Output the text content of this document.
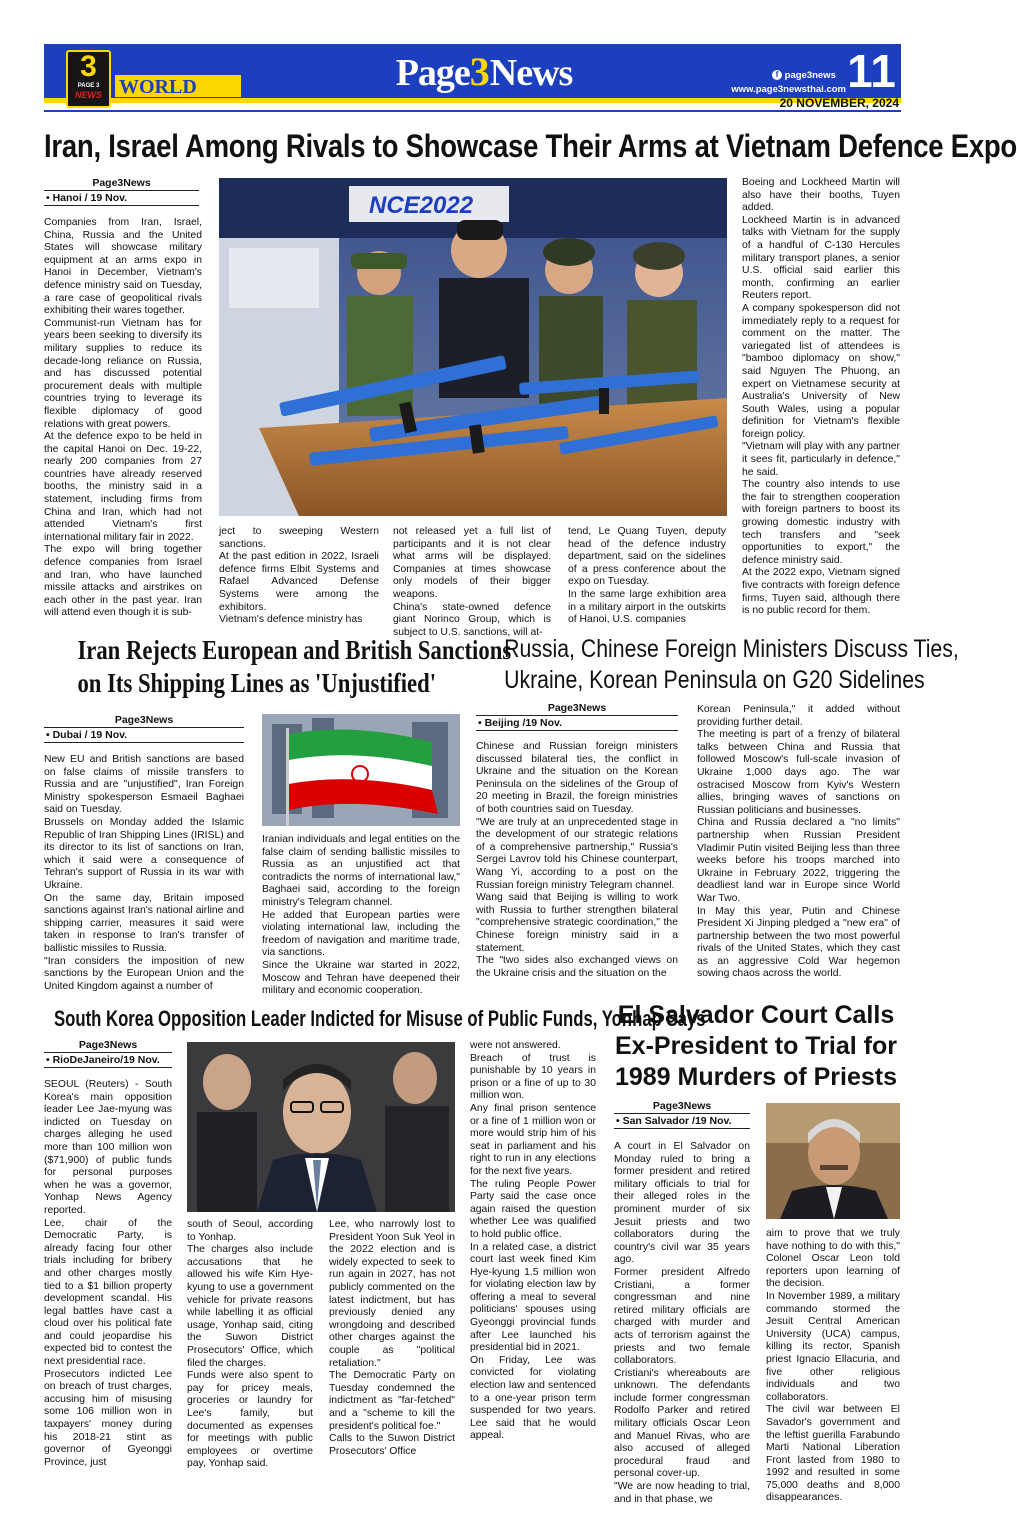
3
PAGE 3
NEWS WORLD	Page3News	f page3news
www.page3newsthai.com 11
20 NOVEMBER, 2024
Iran, Israel Among Rivals to Showcase Their Arms at Vietnam Defence Expo
Page3News
• Hanoi / 19 Nov.
Companies from Iran, Israel, China, Russia and the United States will showcase military equipment at an arms expo in Hanoi in December, Vietnam's defence ministry said on Tuesday, a rare case of geopolitical rivals exhibiting their wares together.
Communist-run Vietnam has for years been seeking to diversify its military supplies to reduce its decade-long reliance on Russia, and has discussed potential procurement deals with multiple countries trying to leverage its flexible diplomacy of good relations with great powers.
At the defence expo to be held in the capital Hanoi on Dec. 19-22, nearly 200 companies from 27 countries have already reserved booths, the ministry said in a statement, including firms from China and Iran, which had not attended Vietnam's first international military fair in 2022.
The expo will bring together defence companies from Israel and Iran, who have launched missile attacks and airstrikes on each other in the past year. Iran will attend even though it is sub-
NCE2022
ject to sweeping Western sanctions.
At the past edition in 2022, Israeli defence firms Elbit Systems and Rafael Advanced Defense Systems were among the exhibitors.
Vietnam's defence ministry has
not released yet a full list of participants and it is not clear what arms will be displayed. Companies at times showcase only models of their bigger weapons.
China's state-owned defence giant Norinco Group, which is subject to U.S. sanctions, will at-
tend, Le Quang Tuyen, deputy head of the defence industry department, said on the sidelines of a press conference about the expo on Tuesday.
In the same large exhibition area in a military airport in the outskirts of Hanoi, U.S. companies
Boeing and Lockheed Martin will also have their booths, Tuyen added.
Lockheed Martin is in advanced talks with Vietnam for the supply of a handful of C-130 Hercules military transport planes, a senior U.S. official said earlier this month, confirming an earlier Reuters report.
A company spokesperson did not immediately reply to a request for comment on the matter. The variegated list of attendees is "bamboo diplomacy on show," said Nguyen The Phuong, an expert on Vietnamese security at Australia's University of New South Wales, using a popular definition for Vietnam's flexible foreign policy.
"Vietnam will play with any partner it sees fit, particularly in defence," he said.
The country also intends to use the fair to strengthen cooperation with foreign partners to boost its growing domestic industry with tech transfers and "seek opportunities to export," the defence ministry said.
At the 2022 expo, Vietnam signed five contracts with foreign defence firms, Tuyen said, although there is no public record for them.
Iran Rejects European and British Sanctions
on Its Shipping Lines as 'Unjustified'
Page3News
• Dubai / 19 Nov.
New EU and British sanctions are based on false claims of missile transfers to Russia and are "unjustified", Iran Foreign Ministry spokesperson Esmaeil Baghaei said on Tuesday.
Brussels on Monday added the Islamic Republic of Iran Shipping Lines (IRISL) and its director to its list of sanctions on Iran, which it said were a consequence of Tehran's support of Russia in its war with Ukraine.
On the same day, Britain imposed sanctions against Iran's national airline and shipping carrier, measures it said were taken in response to Iran's transfer of ballistic missiles to Russia.
"Iran considers the imposition of new sanctions by the European Union and the United Kingdom against a number of
Iranian individuals and legal entities on the false claim of sending ballistic missiles to Russia as an unjustified act that contradicts the norms of international law," Baghaei said, according to the foreign ministry's Telegram channel.
He added that European parties were violating international law, including the freedom of navigation and maritime trade, via sanctions.
Since the Ukraine war started in 2022, Moscow and Tehran have deepened their military and economic cooperation.
Russia, Chinese Foreign Ministers Discuss Ties,
Ukraine, Korean Peninsula on G20 Sidelines
Page3News
• Beijing /19 Nov.
Chinese and Russian foreign ministers discussed bilateral ties, the conflict in Ukraine and the situation on the Korean Peninsula on the sidelines of the Group of 20 meeting in Brazil, the foreign ministries of both countries said on Tuesday.
"We are truly at an unprecedented stage in the development of our strategic relations of a comprehensive partnership," Russia's Sergei Lavrov told his Chinese counterpart, Wang Yi, according to a post on the Russian foreign ministry Telegram channel.
Wang said that Beijing is willing to work with Russia to further strengthen bilateral "comprehensive strategic coordination," the Chinese foreign ministry said in a statement.
The "two sides also exchanged views on the Ukraine crisis and the situation on the
Korean Peninsula," it added without providing further detail.
The meeting is part of a frenzy of bilateral talks between China and Russia that followed Moscow's full-scale invasion of Ukraine 1,000 days ago. The war ostracised Moscow from Kyiv's Western allies, bringing waves of sanctions on Russian politicians and businesses.
China and Russia declared a "no limits" partnership when Russian President Vladimir Putin visited Beijing less than three weeks before his troops marched into Ukraine in February 2022, triggering the deadliest land war in Europe since World War Two.
In May this year, Putin and Chinese President Xi Jinping pledged a "new era" of partnership between the two most powerful rivals of the United States, which they cast as an aggressive Cold War hegemon sowing chaos across the world.
South Korea Opposition Leader Indicted for Misuse of Public Funds, Yonhap Says
Page3News
• RioDeJaneiro/19 Nov.
SEOUL (Reuters) - South Korea's main opposition leader Lee Jae-myung was indicted on Tuesday on charges alleging he used more than 100 million won ($71,900) of public funds for personal purposes when he was a governor, Yonhap News Agency reported.
Lee, chair of the Democratic Party, is already facing four other trials including for bribery and other charges mostly tied to a $1 billion property development scandal. His legal battles have cast a cloud over his political fate and could jeopardise his expected bid to contest the next presidential race.
Prosecutors indicted Lee on breach of trust charges, accusing him of misusing some 106 million won in taxpayers' money during his 2018-21 stint as governor of Gyeonggi Province, just
south of Seoul, according to Yonhap.
The charges also include accusations that he allowed his wife Kim Hye-kyung to use a government vehicle for private reasons while labelling it as official usage, Yonhap said, citing the Suwon District Prosecutors' Office, which filed the charges.
Funds were also spent to pay for pricey meals, groceries or laundry for Lee's family, but documented as expenses for meetings with public employees or overtime pay, Yonhap said.
Lee, who narrowly lost to President Yoon Suk Yeol in the 2022 election and is widely expected to seek to run again in 2027, has not publicly commented on the latest indictment, but has previously denied any wrongdoing and described other charges against the couple as "political retaliation."
The Democratic Party on Tuesday condemned the indictment as "far-fetched" and a "scheme to kill the president's political foe."
Calls to the Suwon District Prosecutors' Office
were not answered.
Breach of trust is punishable by 10 years in prison or a fine of up to 30 million won.
Any final prison sentence or a fine of 1 million won or more would strip him of his seat in parliament and his right to run in any elections for the next five years.
The ruling People Power Party said the case once again raised the question whether Lee was qualified to hold public office.
In a related case, a district court last week fined Kim Hye-kyung 1.5 million won for violating election law by offering a meal to several politicians' spouses using Gyeonggi provincial funds after Lee launched his presidential bid in 2021.
On Friday, Lee was convicted for violating election law and sentenced to a one-year prison term suspended for two years. Lee said that he would appeal.
El Salvador Court Calls
Ex-President to Trial for
1989 Murders of Priests
Page3News
• San Salvador /19 Nov.
A court in El Salvador on Monday ruled to bring a former president and retired military officials to trial for their alleged roles in the prominent murder of six Jesuit priests and two collaborators during the country's civil war 35 years ago.
Former president Alfredo Cristiani, a former congressman and nine retired military officials are charged with murder and acts of terrorism against the priests and two female collaborators.
Cristiani's whereabouts are unknown. The defendants include former congressman Rodolfo Parker and retired military officials Oscar Leon and Manuel Rivas, who are also accused of alleged procedural fraud and personal cover-up.
"We are now heading to trial, and in that phase, we
aim to prove that we truly have nothing to do with this," Colonel Oscar Leon told reporters upon learning of the decision.
In November 1989, a military commando stormed the Jesuit Central American University (UCA) campus, killing its rector, Spanish priest Ignacio Ellacuria, and five other religious individuals and two collaborators.
The civil war between El Savador's government and the leftist guerilla Farabundo Marti National Liberation Front lasted from 1980 to 1992 and resulted in some 75,000 deaths and 8,000 disappearances.
